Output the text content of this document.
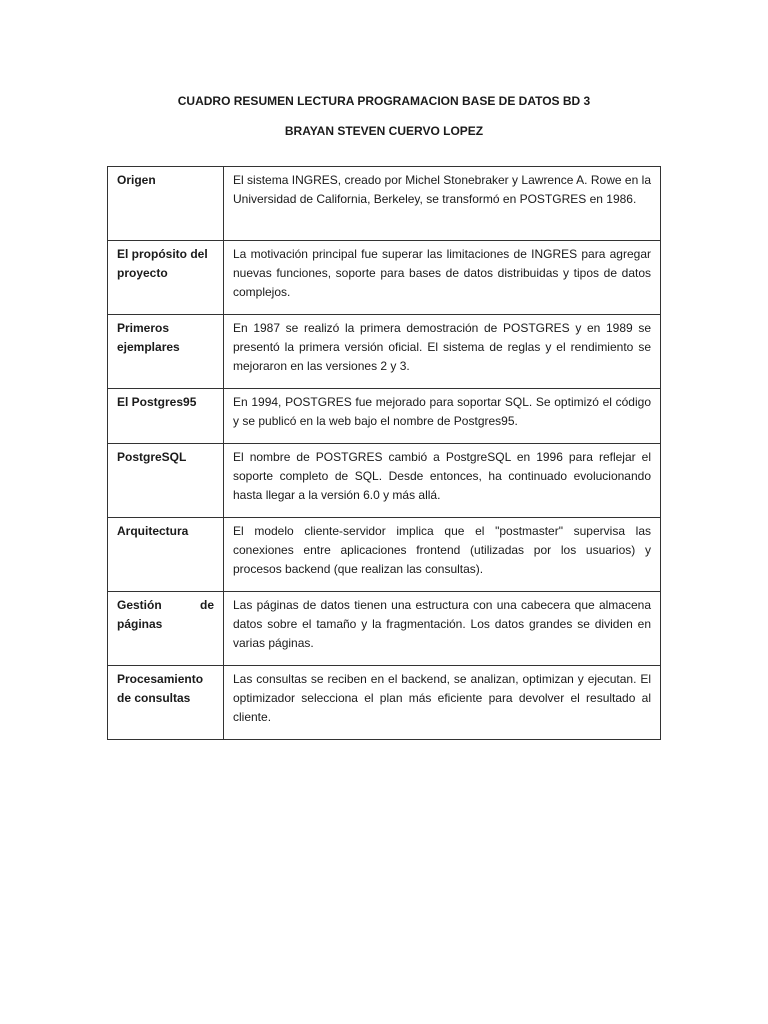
CUADRO RESUMEN LECTURA PROGRAMACION BASE DE DATOS BD 3
BRAYAN STEVEN CUERVO LOPEZ
Origen	El sistema INGRES, creado por Michel Stonebraker y Lawrence A. Rowe en la Universidad de California, Berkeley, se transformó en POSTGRES en 1986.
El propósito del proyecto	La motivación principal fue superar las limitaciones de INGRES para agregar nuevas funciones, soporte para bases de datos distribuidas y tipos de datos complejos.
Primeros ejemplares	En 1987 se realizó la primera demostración de POSTGRES y en 1989 se presentó la primera versión oficial. El sistema de reglas y el rendimiento se mejoraron en las versiones 2 y 3.
El Postgres95	En 1994, POSTGRES fue mejorado para soportar SQL. Se optimizó el código y se publicó en la web bajo el nombre de Postgres95.
PostgreSQL	El nombre de POSTGRES cambió a PostgreSQL en 1996 para reflejar el soporte completo de SQL. Desde entonces, ha continuado evolucionando hasta llegar a la versión 6.0 y más allá.
Arquitectura	El modelo cliente-servidor implica que el "postmaster" supervisa las conexiones entre aplicaciones frontend (utilizadas por los usuarios) y procesos backend (que realizan las consultas).
Gestión de páginas	Las páginas de datos tienen una estructura con una cabecera que almacena datos sobre el tamaño y la fragmentación. Los datos grandes se dividen en varias páginas.
Procesamiento de consultas	Las consultas se reciben en el backend, se analizan, optimizan y ejecutan. El optimizador selecciona el plan más eficiente para devolver el resultado al cliente.
